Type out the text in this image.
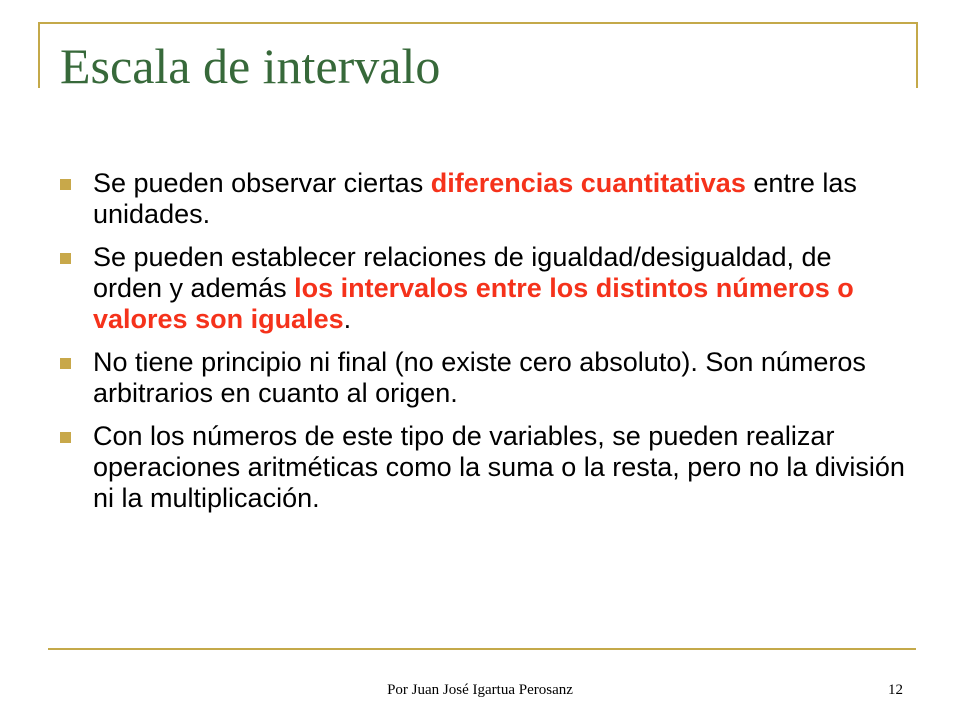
Escala de intervalo
Se pueden observar ciertas diferencias cuantitativas entre las unidades.
Se pueden establecer relaciones de igualdad/desigualdad, de orden y además los intervalos entre los distintos números o valores son iguales.
No tiene principio ni final (no existe cero absoluto). Son números arbitrarios en cuanto al origen.
Con los números de este tipo de variables, se pueden realizar operaciones aritméticas como la suma o la resta, pero no la división ni la multiplicación.
Por Juan José Igartua Perosanz	12
